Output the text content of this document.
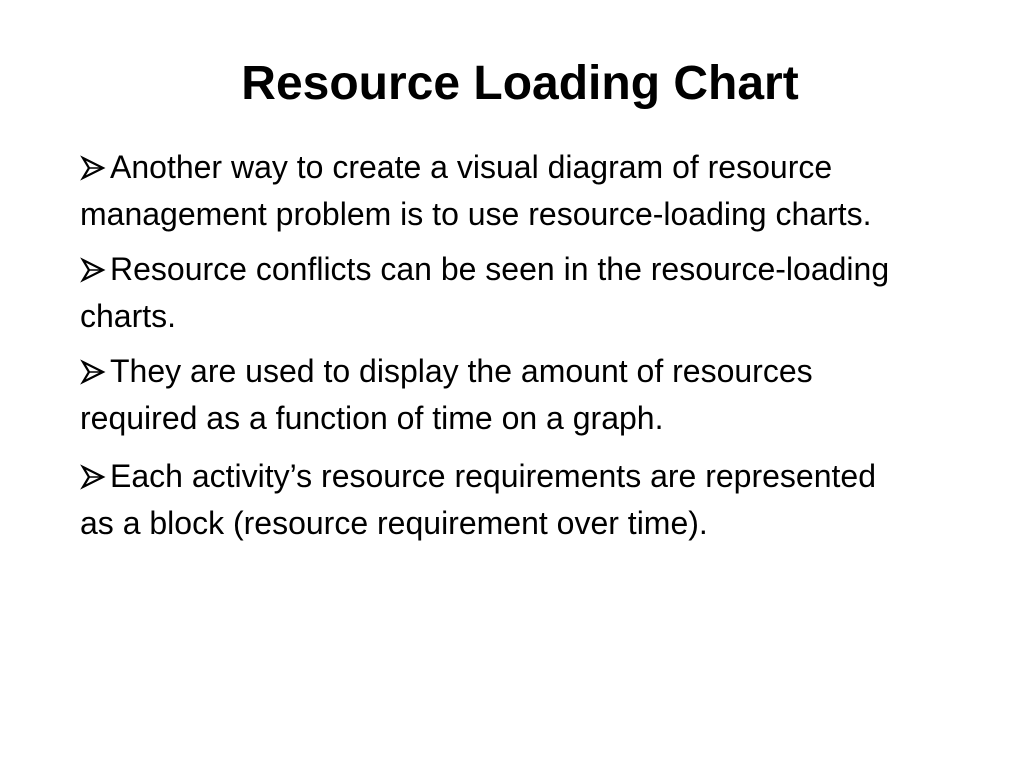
Resource Loading Chart
Another way to create a visual diagram of resource management problem is to use resource-loading charts.
Resource conflicts can be seen in the resource-loading charts.
They are used to display the amount of resources required as a function of time on a graph.
Each activity’s resource requirements are represented as a block (resource requirement over time).
